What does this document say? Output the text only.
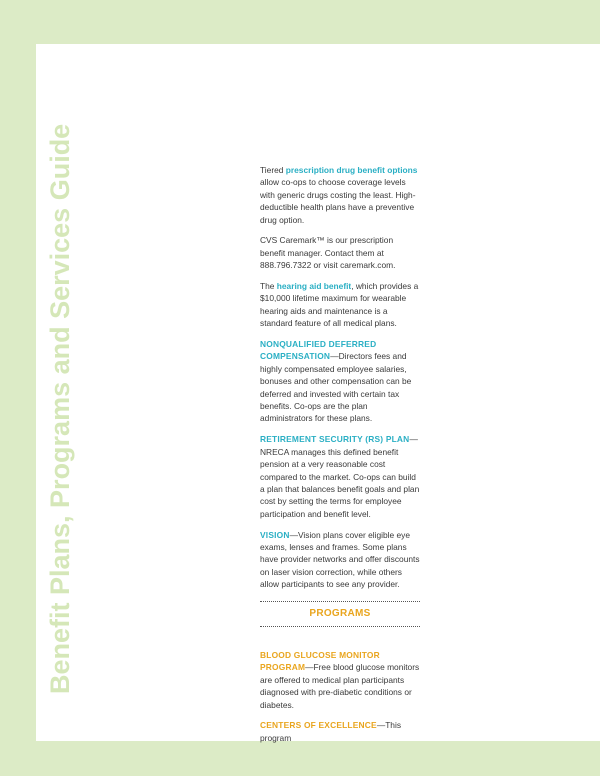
Benefit Plans, Programs and Services Guide	Tiered prescription drug benefit options allow co-ops to choose coverage levels with generic drugs costing the least. High-deductible health plans have a preventive drug option.

CVS Caremark™ is our prescription benefit manager. Contact them at 888.796.7322 or visit caremark.com.

The hearing aid benefit, which provides a $10,000 lifetime maximum for wearable hearing aids and maintenance is a standard feature of all medical plans.

NONQUALIFIED DEFERRED COMPENSATION—Directors fees and highly compensated employee salaries, bonuses and other compensation can be deferred and invested with certain tax benefits. Co-ops are the plan administrators for these plans.

RETIREMENT SECURITY (RS) PLAN— NRECA manages this defined benefit pension at a very reasonable cost compared to the market. Co-ops can build a plan that balances benefit goals and plan cost by setting the terms for employee participation and benefit level.

VISION—Vision plans cover eligible eye exams, lenses and frames. Some plans have provider networks and offer discounts on laser vision correction, while others allow participants to see any provider.

PROGRAMS

BLOOD GLUCOSE MONITOR PROGRAM—Free blood glucose monitors are offered to medical plan participants diagnosed with pre-diabetic conditions or diabetes.

CENTERS OF EXCELLENCE—This program
